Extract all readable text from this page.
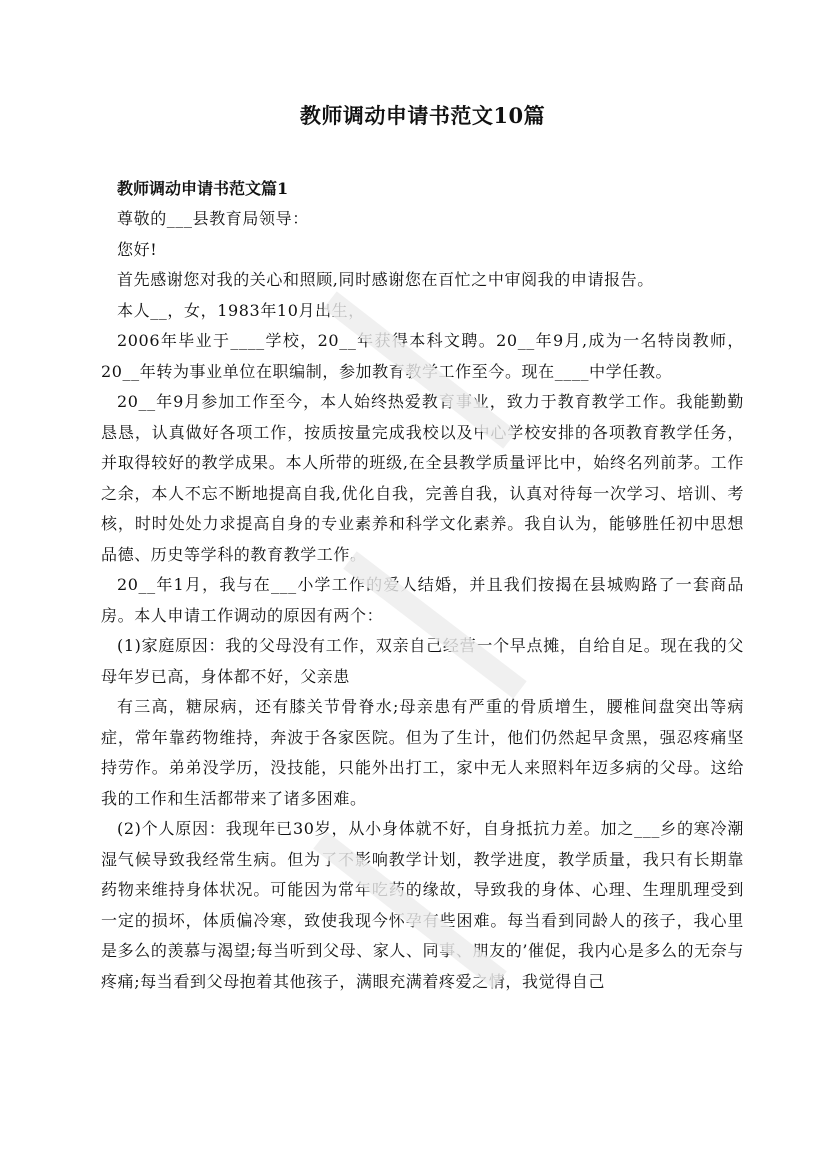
教师调动申请书范文10篇
教师调动申请书范文篇1

尊敬的___县教育局领导：

您好!

首先感谢您对我的关心和照顾,同时感谢您在百忙之中审阅我的申请报告。

本人__，女，1983年10月出生，

2006年毕业于____学校，20__年获得本科文聘。20__年9月,成为一名特岗教师，20__年转为事业单位在职编制，参加教育教学工作至今。现在____中学任教。

20__年9月参加工作至今，本人始终热爱教育事业，致力于教育教学工作。我能勤勤恳恳，认真做好各项工作，按质按量完成我校以及中心学校安排的各项教育教学任务，并取得较好的教学成果。本人所带的班级,在全县教学质量评比中，始终名列前茅。工作之余，本人不忘不断地提高自我,优化自我，完善自我，认真对待每一次学习、培训、考核，时时处处力求提高自身的专业素养和科学文化素养。我自认为，能够胜任初中思想品德、历史等学科的教育教学工作。

20__年1月，我与在___小学工作的爱人结婚，并且我们按揭在县城购路了一套商品房。本人申请工作调动的原因有两个：

(1)家庭原因：我的父母没有工作，双亲自己经营一个早点摊，自给自足。现在我的父母年岁已高，身体都不好，父亲患

有三高，糖尿病，还有膝关节骨脊水;母亲患有严重的骨质增生，腰椎间盘突出等病症，常年靠药物维持，奔波于各家医院。但为了生计，他们仍然起早贪黑，强忍疼痛坚持劳作。弟弟没学历，没技能，只能外出打工，家中无人来照料年迈多病的父母。这给我的工作和生活都带来了诸多困难。

(2)个人原因：我现年已30岁，从小身体就不好，自身抵抗力差。加之___乡的寒冷潮湿气候导致我经常生病。但为了不影响教学计划，教学进度，教学质量，我只有长期靠药物来维持身体状况。可能因为常年吃药的缘故，导致我的身体、心理、生理肌理受到一定的损坏，体质偏冷寒，致使我现今怀孕有些困难。每当看到同龄人的孩子，我心里是多么的羡慕与渴望;每当听到父母、家人、同事、朋友的’催促，我内心是多么的无奈与疼痛;每当看到父母抱着其他孩子，满眼充满着疼爱之情，我觉得自己
